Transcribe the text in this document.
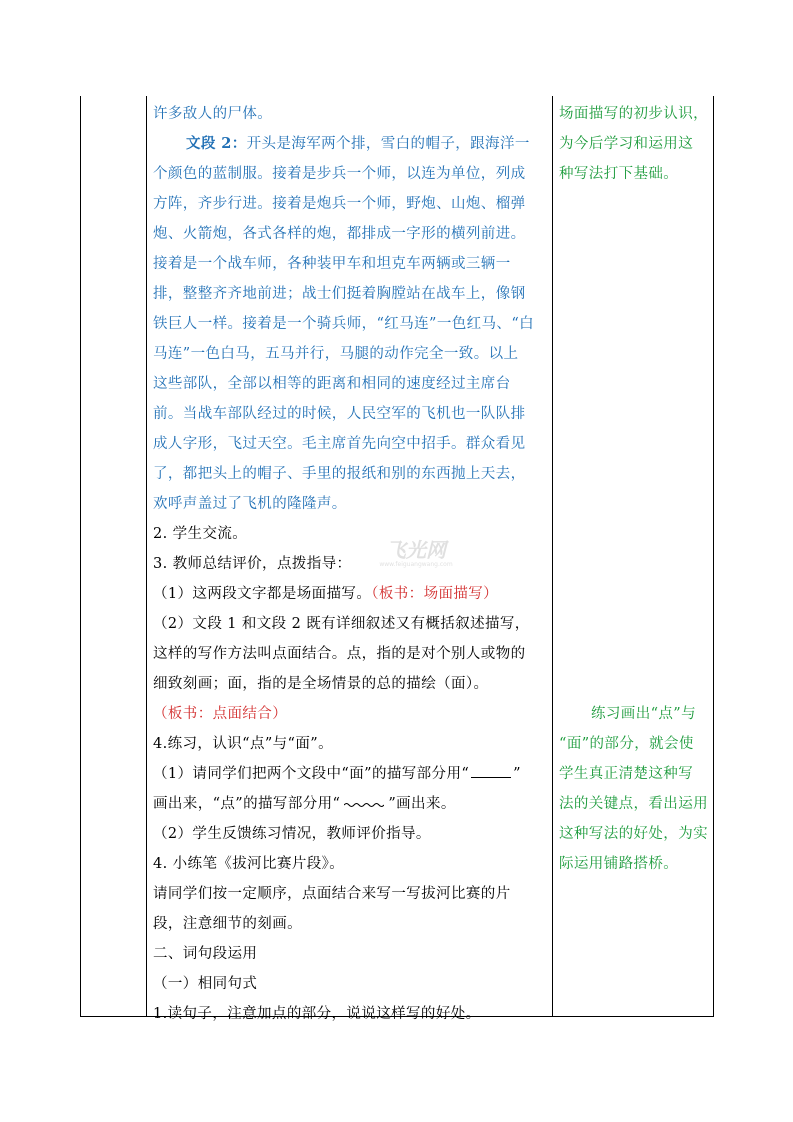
许多敌人的尸体。
文段 2：开头是海军两个排，雪白的帽子，跟海洋一
个颜色的蓝制服。接着是步兵一个师，以连为单位，列成
方阵，齐步行进。接着是炮兵一个师，野炮、山炮、榴弹
炮、火箭炮，各式各样的炮，都排成一字形的横列前进。
接着是一个战车师，各种装甲车和坦克车两辆或三辆一
排，整整齐齐地前进；战士们挺着胸膛站在战车上，像钢
铁巨人一样。接着是一个骑兵师，“红马连”一色红马、“白
马连”一色白马，五马并行，马腿的动作完全一致。以上
这些部队，全部以相等的距离和相同的速度经过主席台
前。当战车部队经过的时候，人民空军的飞机也一队队排
成人字形，飞过天空。毛主席首先向空中招手。群众看见
了，都把头上的帽子、手里的报纸和别的东西抛上天去，
欢呼声盖过了飞机的隆隆声。
2. 学生交流。
3. 教师总结评价，点拨指导：
（1）这两段文字都是场面描写。（板书：场面描写）
（2）文段 1 和文段 2 既有详细叙述又有概括叙述描写，
这样的写作方法叫点面结合。点，指的是对个别人或物的
细致刻画；面，指的是全场情景的总的描绘（面）。
（板书：点面结合）
4.练习，认识“点”与“面”。
（1）请同学们把两个文段中“面”的描写部分用“	”
画出来，“点”的描写部分用“	”画出来。
（2）学生反馈练习情况，教师评价指导。
4. 小练笔《拔河比赛片段》。
请同学们按一定顺序，点面结合来写一写拔河比赛的片
段，注意细节的刻画。
二、词句段运用
（一）相同句式
1.读句子，注意加点的部分，说说这样写的好处。
场面描写的初步认识，
为今后学习和运用这
种写法打下基础。
练习画出“点”与
“面”的部分，就会使
学生真正清楚这种写
法的关键点，看出运用
这种写法的好处，为实
际运用铺路搭桥。
飞光网
www.feiguangwang.com
